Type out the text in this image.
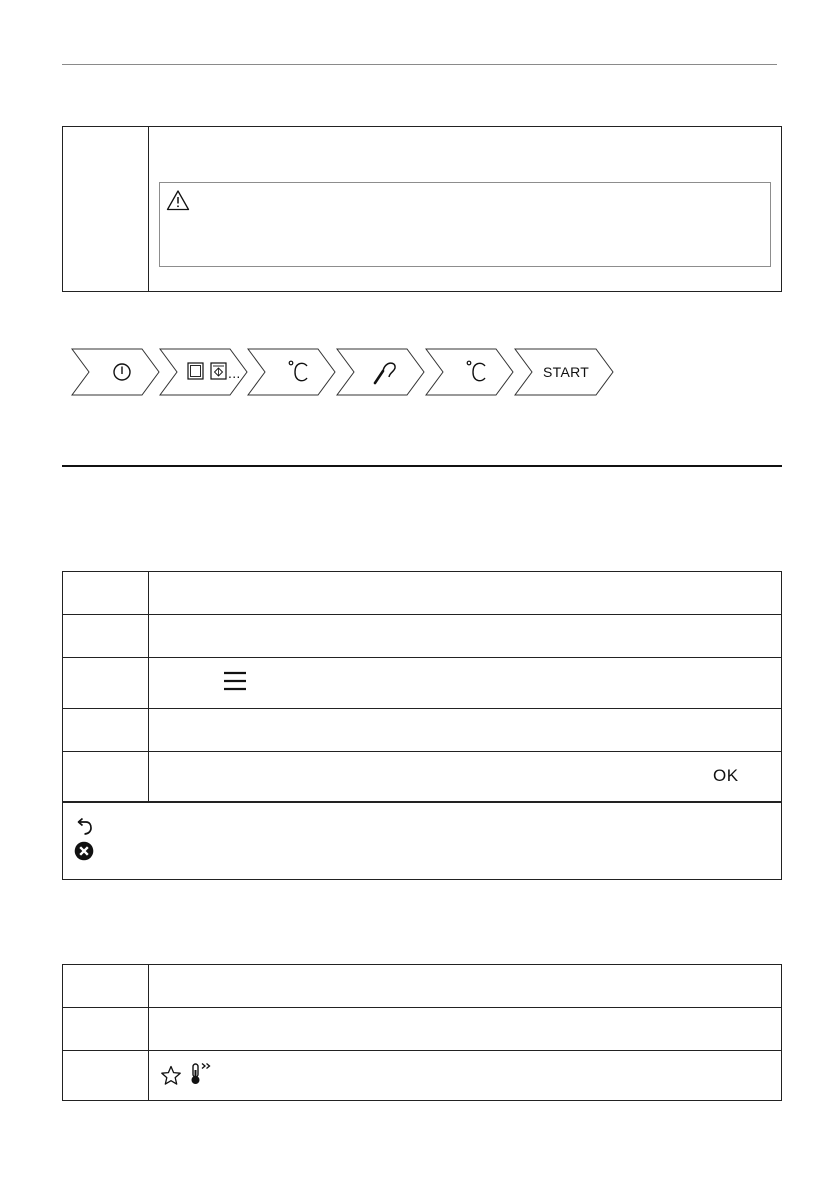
...	START
OK
